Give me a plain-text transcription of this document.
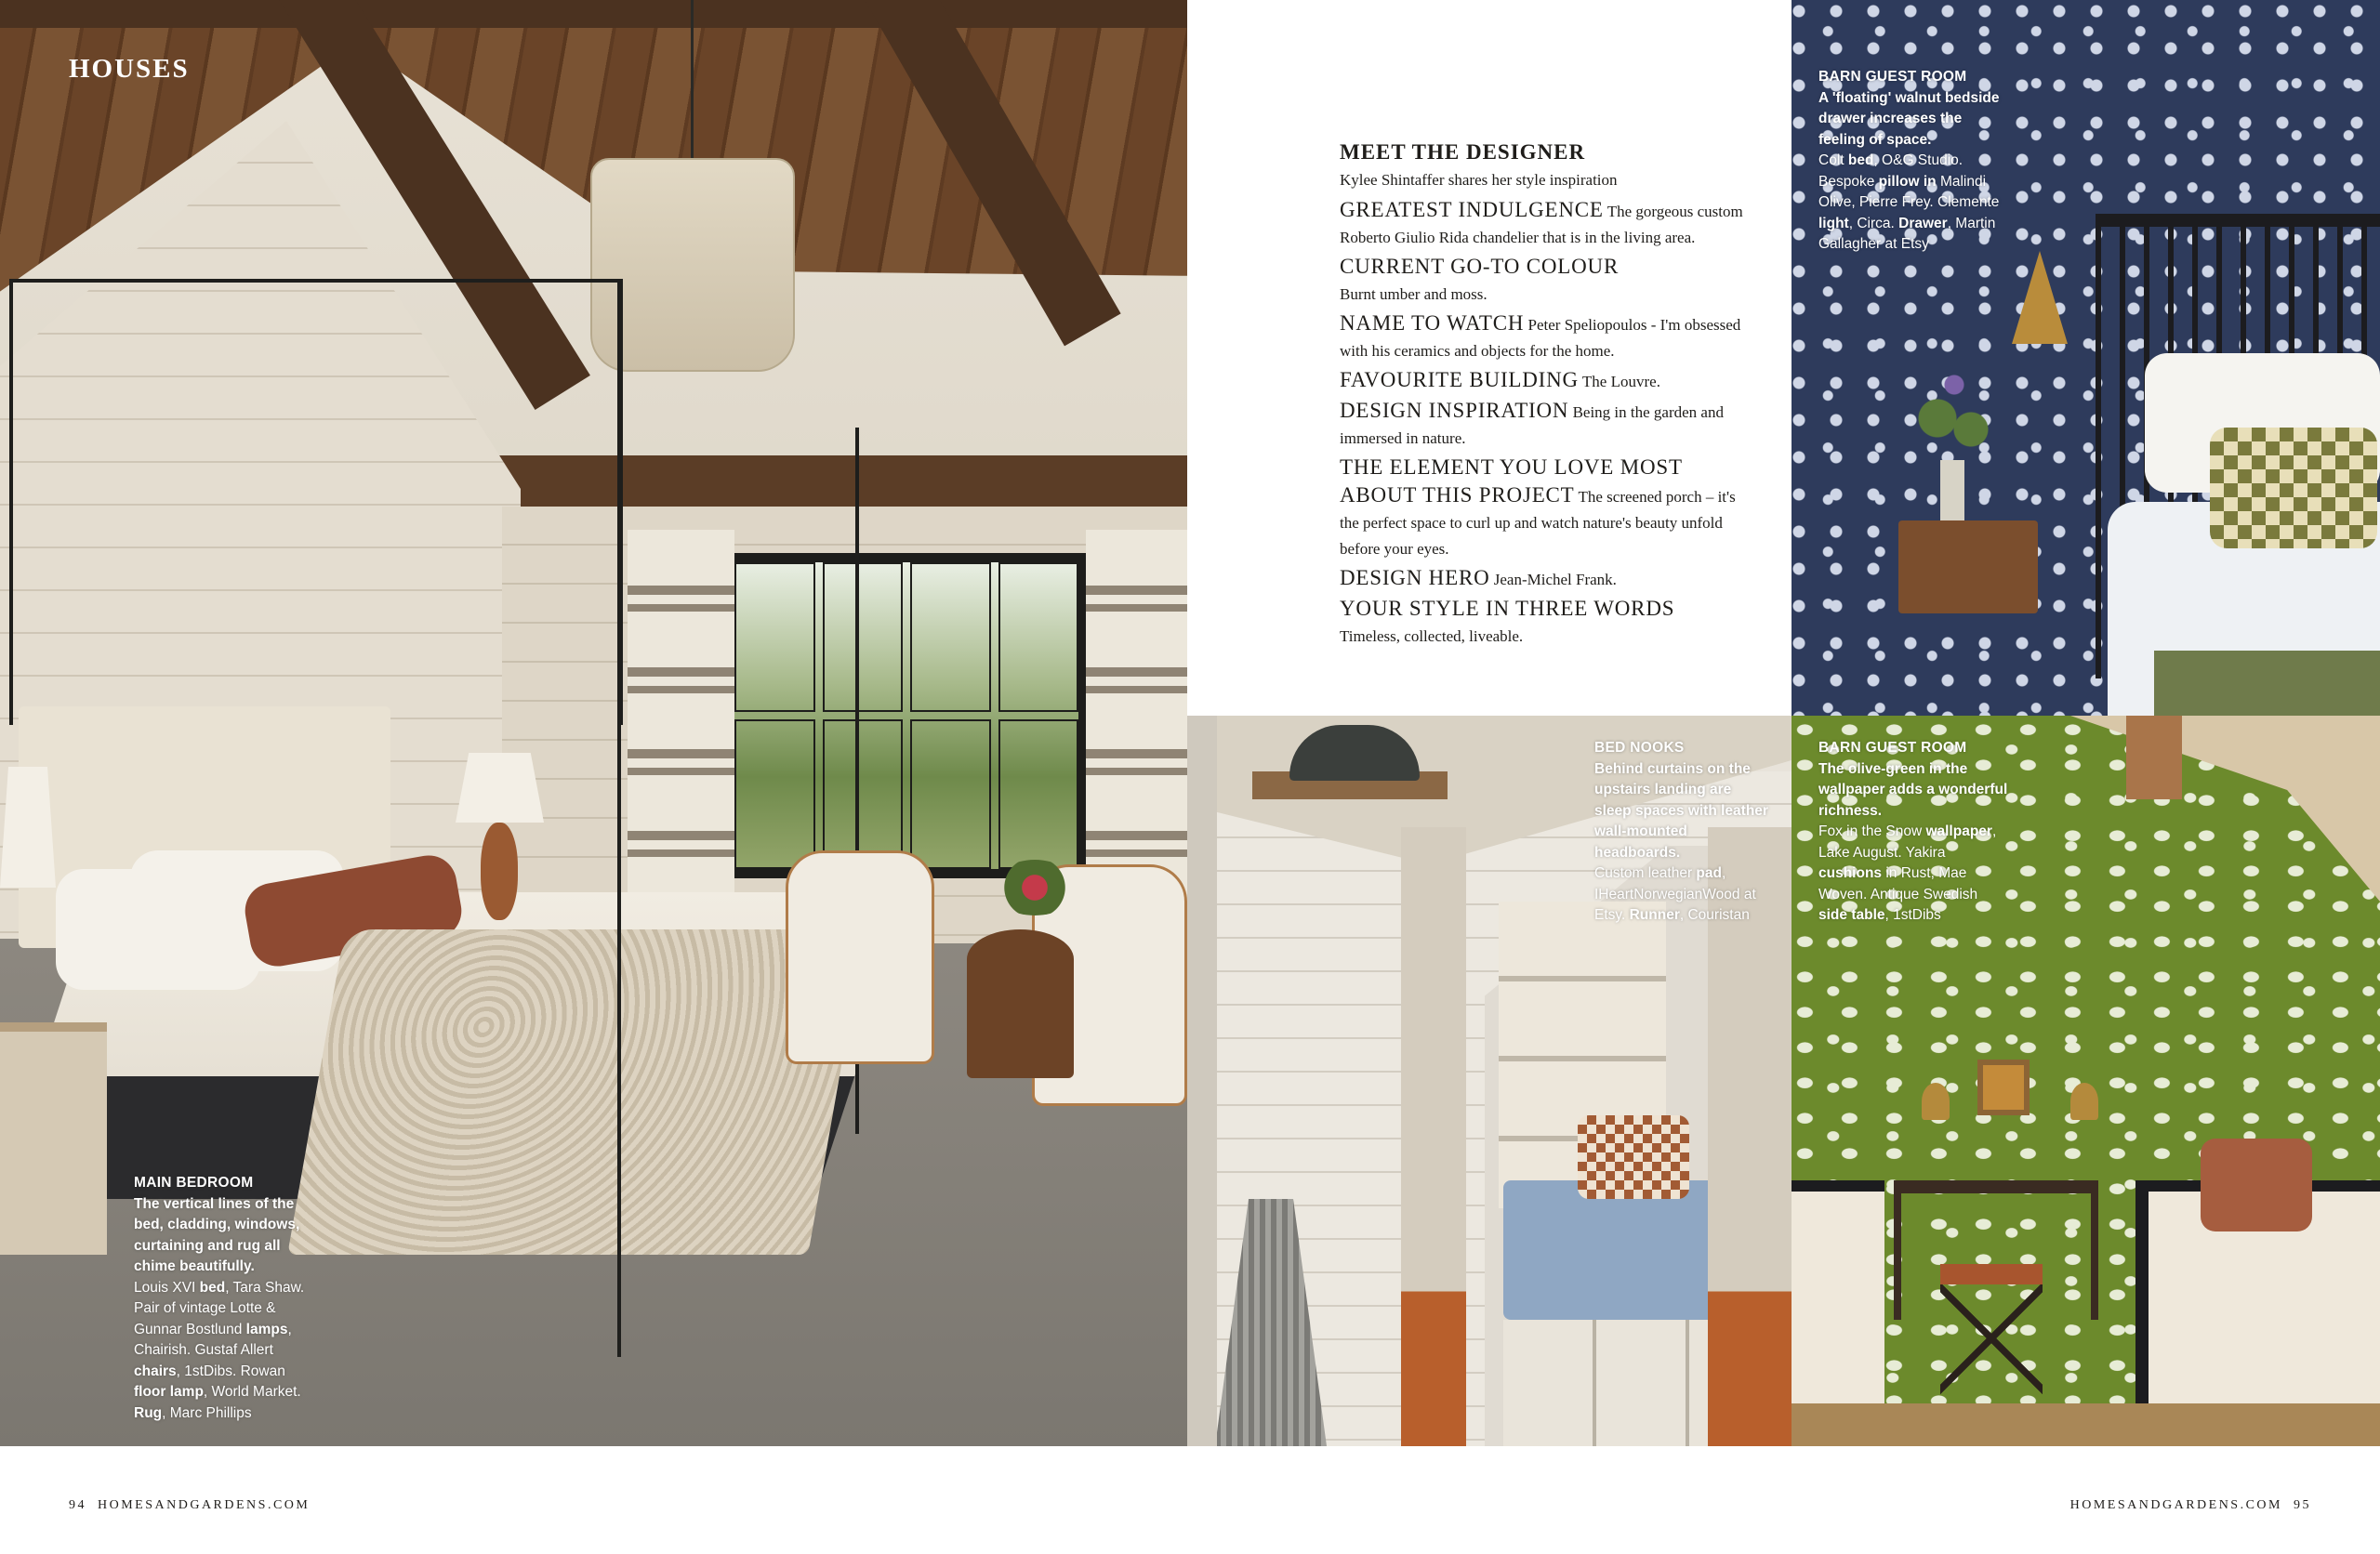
HOUSES
MAIN BEDROOM
The vertical lines of the bed, cladding, windows, curtaining and rug all chime beautifully.
Louis XVI bed, Tara Shaw. Pair of vintage Lotte & Gunnar Bostlund lamps, Chairish. Gustaf Allert chairs, 1stDibs. Rowan floor lamp, World Market. Rug, Marc Phillips

MEET THE DESIGNER
Kylee Shintaffer shares her style inspiration

GREATEST INDULGENCE The gorgeous custom Roberto Giulio Rida chandelier that is in the living area.

CURRENT GO-TO COLOUR
Burnt umber and moss.

NAME TO WATCH Peter Speliopoulos - I'm obsessed with his ceramics and objects for the home.

FAVOURITE BUILDING The Louvre.

DESIGN INSPIRATION Being in the garden and immersed in nature.

THE ELEMENT YOU LOVE MOST ABOUT THIS PROJECT The screened porch – it's the perfect space to curl up and watch nature's beauty unfold before your eyes.

DESIGN HERO Jean-Michel Frank.

YOUR STYLE IN THREE WORDS
Timeless, collected, liveable.

BARN GUEST ROOM
A 'floating' walnut bedside drawer increases the feeling of space.
Colt bed, O&G Studio. Bespoke pillow in Malindi Olive, Pierre Frey. Clemente light, Circa. Drawer, Martin Gallagher at Etsy
BED NOOKS
Behind curtains on the upstairs landing are sleep spaces with leather wall-mounted headboards.
Custom leather pad, IHeartNorwegianWood at Etsy. Runner, Couristan
BARN GUEST ROOM
The olive-green in the wallpaper adds a wonderful richness.
Fox in the Snow wallpaper, Lake August. Yakira cushions in Rust, Mae Woven. Antique Swedish side table, 1stDibs
94  HOMESANDGARDENS.COM	HOMESANDGARDENS.COM  95
